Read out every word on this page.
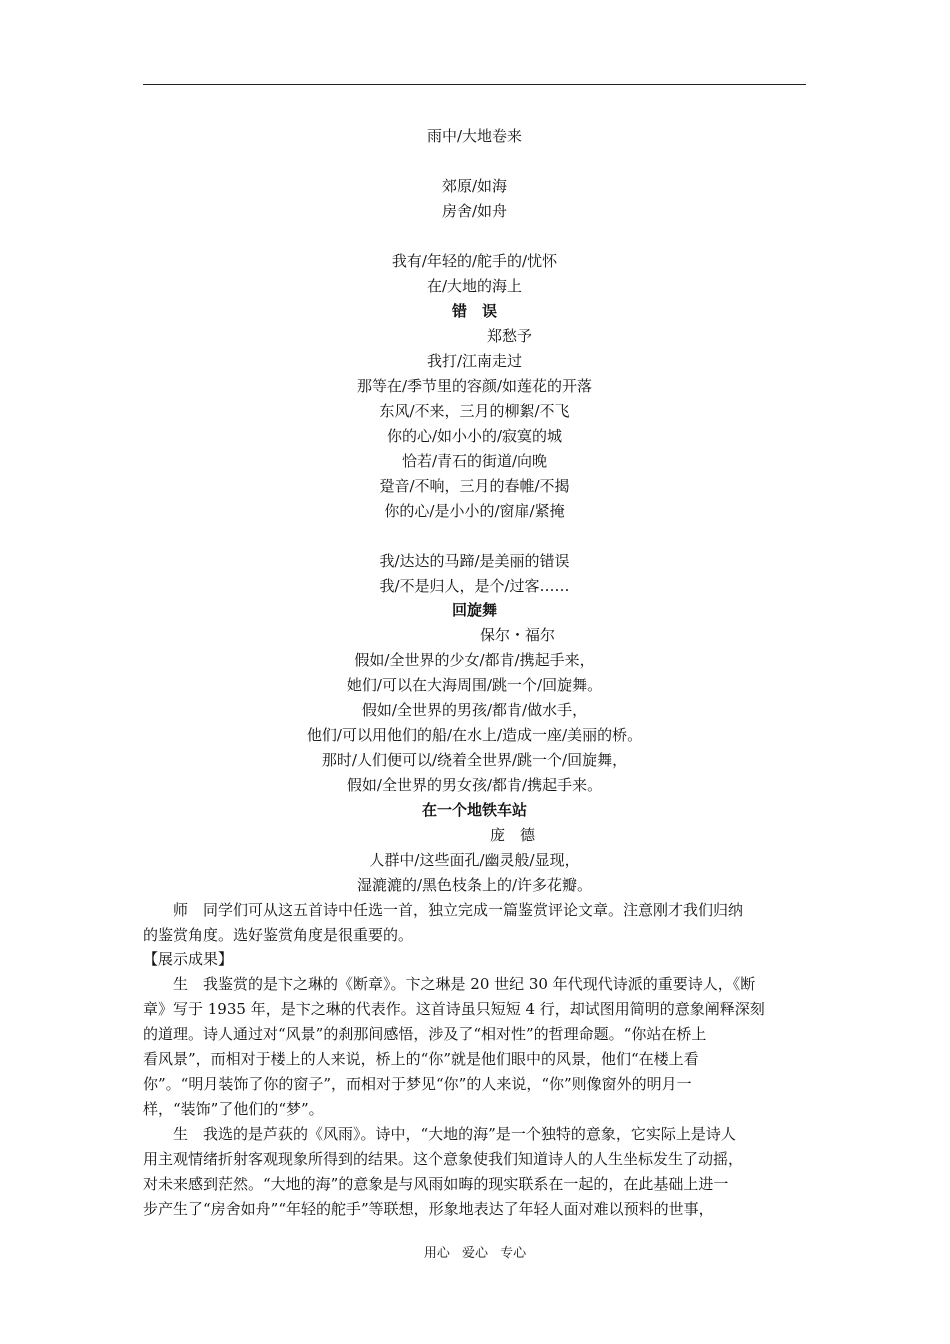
雨中/大地卷来
郊原/如海
房舍/如舟
我有/年轻的/舵手的/忧怀
在/大地的海上
错　误
郑愁予
我打/江南走过
那等在/季节里的容颜/如莲花的开落
东风/不来，三月的柳絮/不飞
你的心/如小小的/寂寞的城
恰若/青石的街道/向晚
跫音/不响，三月的春帷/不揭
你的心/是小小的/窗扉/紧掩
我/达达的马蹄/是美丽的错误
我/不是归人，是个/过客……
回旋舞
保尔・福尔
假如/全世界的少女/都肯/携起手来，
她们/可以在大海周围/跳一个/回旋舞。
假如/全世界的男孩/都肯/做水手，
他们/可以用他们的船/在水上/造成一座/美丽的桥。
那时/人们便可以/绕着全世界/跳一个/回旋舞，
假如/全世界的男女孩/都肯/携起手来。
在一个地铁车站
庞　德
人群中/这些面孔/幽灵般/显现，
湿漉漉的/黑色枝条上的/许多花瓣。
师　同学们可从这五首诗中任选一首，独立完成一篇鉴赏评论文章。注意刚才我们归纳
的鉴赏角度。选好鉴赏角度是很重要的。
【展示成果】
生　我鉴赏的是卞之琳的《断章》。卞之琳是 20 世纪 30 年代现代诗派的重要诗人，《断
章》写于 1935 年，是卞之琳的代表作。这首诗虽只短短 4 行，却试图用简明的意象阐释深刻
的道理。诗人通过对“风景”的刹那间感悟，涉及了“相对性”的哲理命题。“你站在桥上
看风景”，而相对于楼上的人来说，桥上的“你”就是他们眼中的风景，他们“在楼上看
你”。“明月装饰了你的窗子”，而相对于梦见“你”的人来说，“你”则像窗外的明月一
样，“装饰”了他们的“梦”。
生　我选的是芦荻的《风雨》。诗中，“大地的海”是一个独特的意象，它实际上是诗人
用主观情绪折射客观现象所得到的结果。这个意象使我们知道诗人的人生坐标发生了动摇，
对未来感到茫然。“大地的海”的意象是与风雨如晦的现实联系在一起的，在此基础上进一
步产生了“房舍如舟”“年轻的舵手”等联想，形象地表达了年轻人面对难以预料的世事，
用心 爱心 专心
